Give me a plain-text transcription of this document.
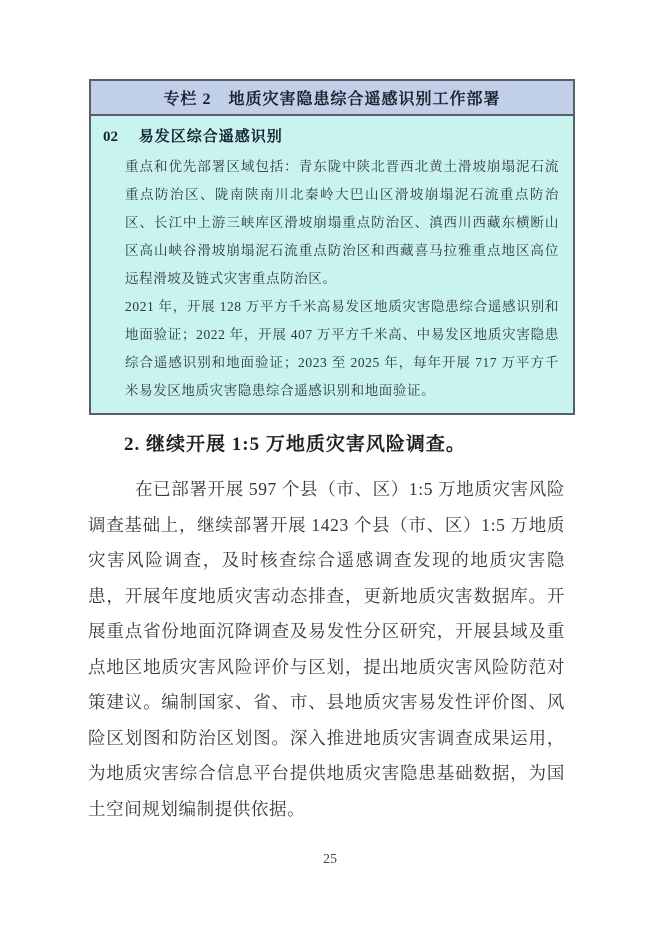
专栏 2　地质灾害隐患综合遥感识别工作部署
02 易发区综合遥感识别

重点和优先部署区域包括：青东陇中陕北晋西北黄土滑坡崩塌泥石流重点防治区、陇南陕南川北秦岭大巴山区滑坡崩塌泥石流重点防治区、长江中上游三峡库区滑坡崩塌重点防治区、滇西川西藏东横断山区高山峡谷滑坡崩塌泥石流重点防治区和西藏喜马拉雅重点地区高位远程滑坡及链式灾害重点防治区。

2021 年，开展 128 万平方千米高易发区地质灾害隐患综合遥感识别和地面验证；2022 年，开展 407 万平方千米高、中易发区地质灾害隐患综合遥感识别和地面验证；2023 至 2025 年，每年开展 717 万平方千米易发区地质灾害隐患综合遥感识别和地面验证。

2. 继续开展 1:5 万地质灾害风险调查。

在已部署开展 597 个县（市、区）1:5 万地质灾害风险调查基础上，继续部署开展 1423 个县（市、区）1:5 万地质灾害风险调查，及时核查综合遥感调查发现的地质灾害隐患，开展年度地质灾害动态排查，更新地质灾害数据库。开展重点省份地面沉降调查及易发性分区研究，开展县域及重点地区地质灾害风险评价与区划，提出地质灾害风险防范对策建议。编制国家、省、市、县地质灾害易发性评价图、风险区划图和防治区划图。深入推进地质灾害调查成果运用，为地质灾害综合信息平台提供地质灾害隐患基础数据，为国土空间规划编制提供依据。

25
